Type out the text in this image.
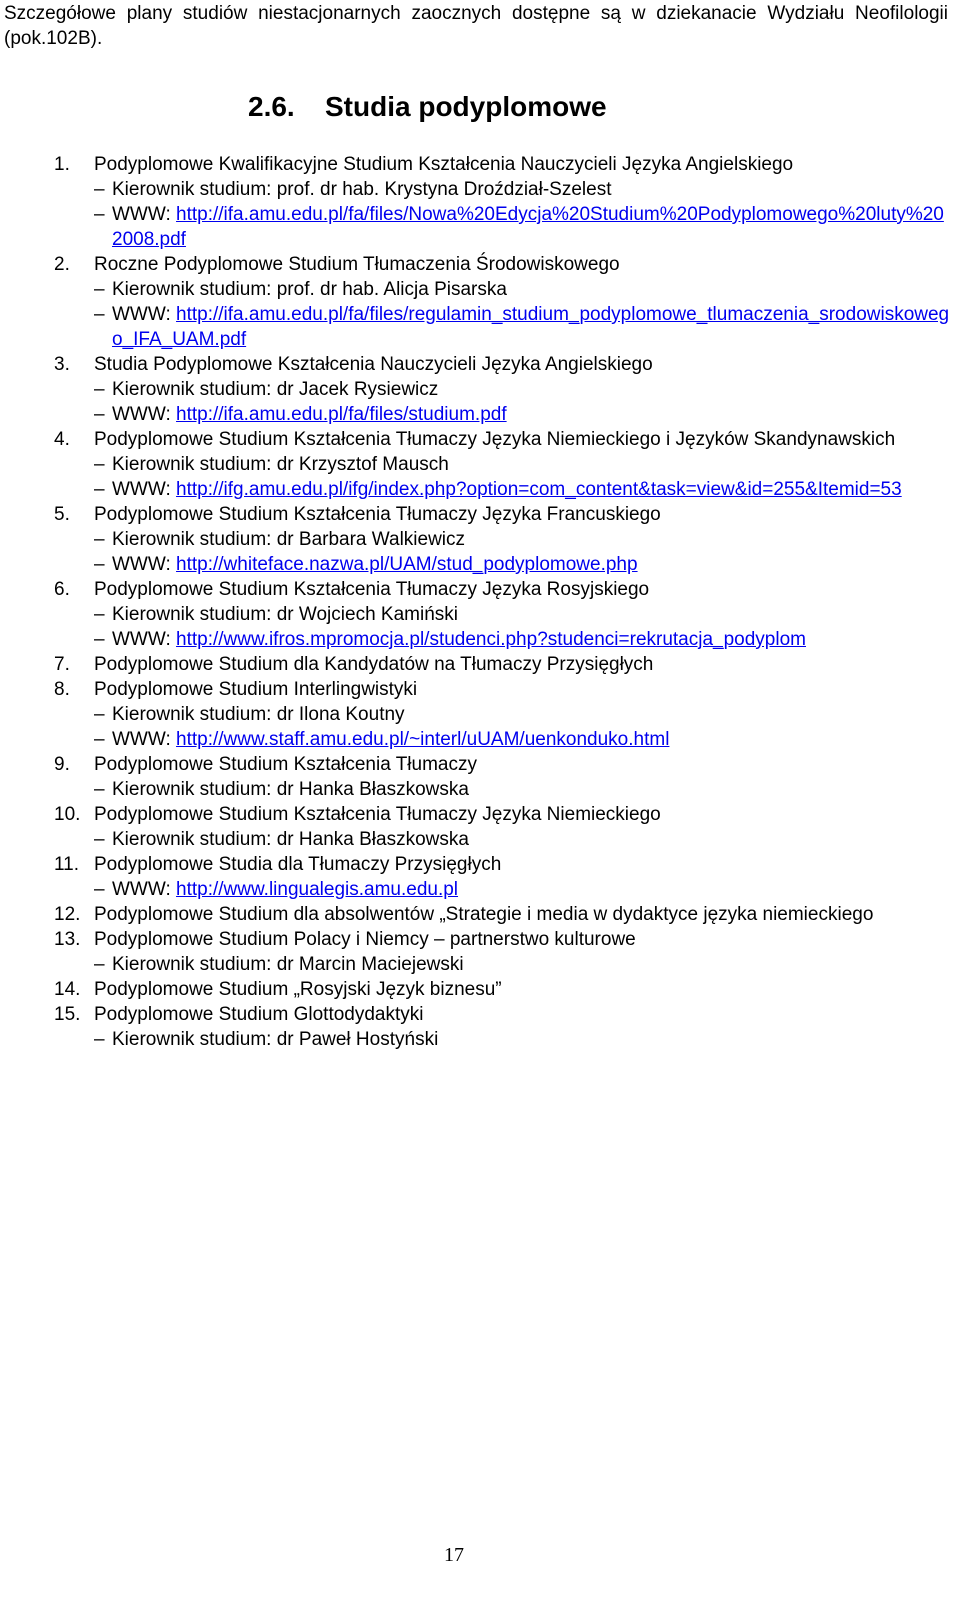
Szczegółowe plany studiów niestacjonarnych zaocznych dostępne są w dziekanacie Wydziału Neofilologii (pok.102B).
2.6. Studia podyplomowe
1. Podyplomowe Kwalifikacyjne Studium Kształcenia Nauczycieli Języka Angielskiego
– Kierownik studium: prof. dr hab. Krystyna Droździał-Szelest
– WWW: http://ifa.amu.edu.pl/fa/files/Nowa%20Edycja%20Studium%20Podyplomowego%20luty%202008.pdf
2. Roczne Podyplomowe Studium Tłumaczenia Środowiskowego
– Kierownik studium: prof. dr hab. Alicja Pisarska
– WWW: http://ifa.amu.edu.pl/fa/files/regulamin_studium_podyplomowe_tlumaczenia_srodowiskowego_IFA_UAM.pdf
3. Studia Podyplomowe Kształcenia Nauczycieli Języka Angielskiego
– Kierownik studium: dr Jacek Rysiewicz
– WWW: http://ifa.amu.edu.pl/fa/files/studium.pdf
4. Podyplomowe Studium Kształcenia Tłumaczy Języka Niemieckiego i Języków Skandynawskich
– Kierownik studium: dr Krzysztof Mausch
– WWW: http://ifg.amu.edu.pl/ifg/index.php?option=com_content&task=view&id=255&Itemid=53
5. Podyplomowe Studium Kształcenia Tłumaczy Języka Francuskiego
– Kierownik studium: dr Barbara Walkiewicz
– WWW: http://whiteface.nazwa.pl/UAM/stud_podyplomowe.php
6. Podyplomowe Studium Kształcenia Tłumaczy Języka Rosyjskiego
– Kierownik studium: dr Wojciech Kamiński
– WWW: http://www.ifros.mpromocja.pl/studenci.php?studenci=rekrutacja_podyplom
7. Podyplomowe Studium dla Kandydatów na Tłumaczy Przysięgłych
8. Podyplomowe Studium Interlingwistyki
– Kierownik studium: dr Ilona Koutny
– WWW: http://www.staff.amu.edu.pl/~interl/uUAM/uenkonduko.html
9. Podyplomowe Studium Kształcenia Tłumaczy
– Kierownik studium: dr Hanka Błaszkowska
10. Podyplomowe Studium Kształcenia Tłumaczy Języka Niemieckiego
– Kierownik studium: dr Hanka Błaszkowska
11. Podyplomowe Studia dla Tłumaczy Przysięgłych
– WWW: http://www.lingualegis.amu.edu.pl
12. Podyplomowe Studium dla absolwentów „Strategie i media w dydaktyce języka niemieckiego
13. Podyplomowe Studium Polacy i Niemcy – partnerstwo kulturowe
– Kierownik studium: dr Marcin Maciejewski
14. Podyplomowe Studium „Rosyjski Język biznesu”
15. Podyplomowe Studium Glottodydaktyki
– Kierownik studium: dr Paweł Hostyński
17
